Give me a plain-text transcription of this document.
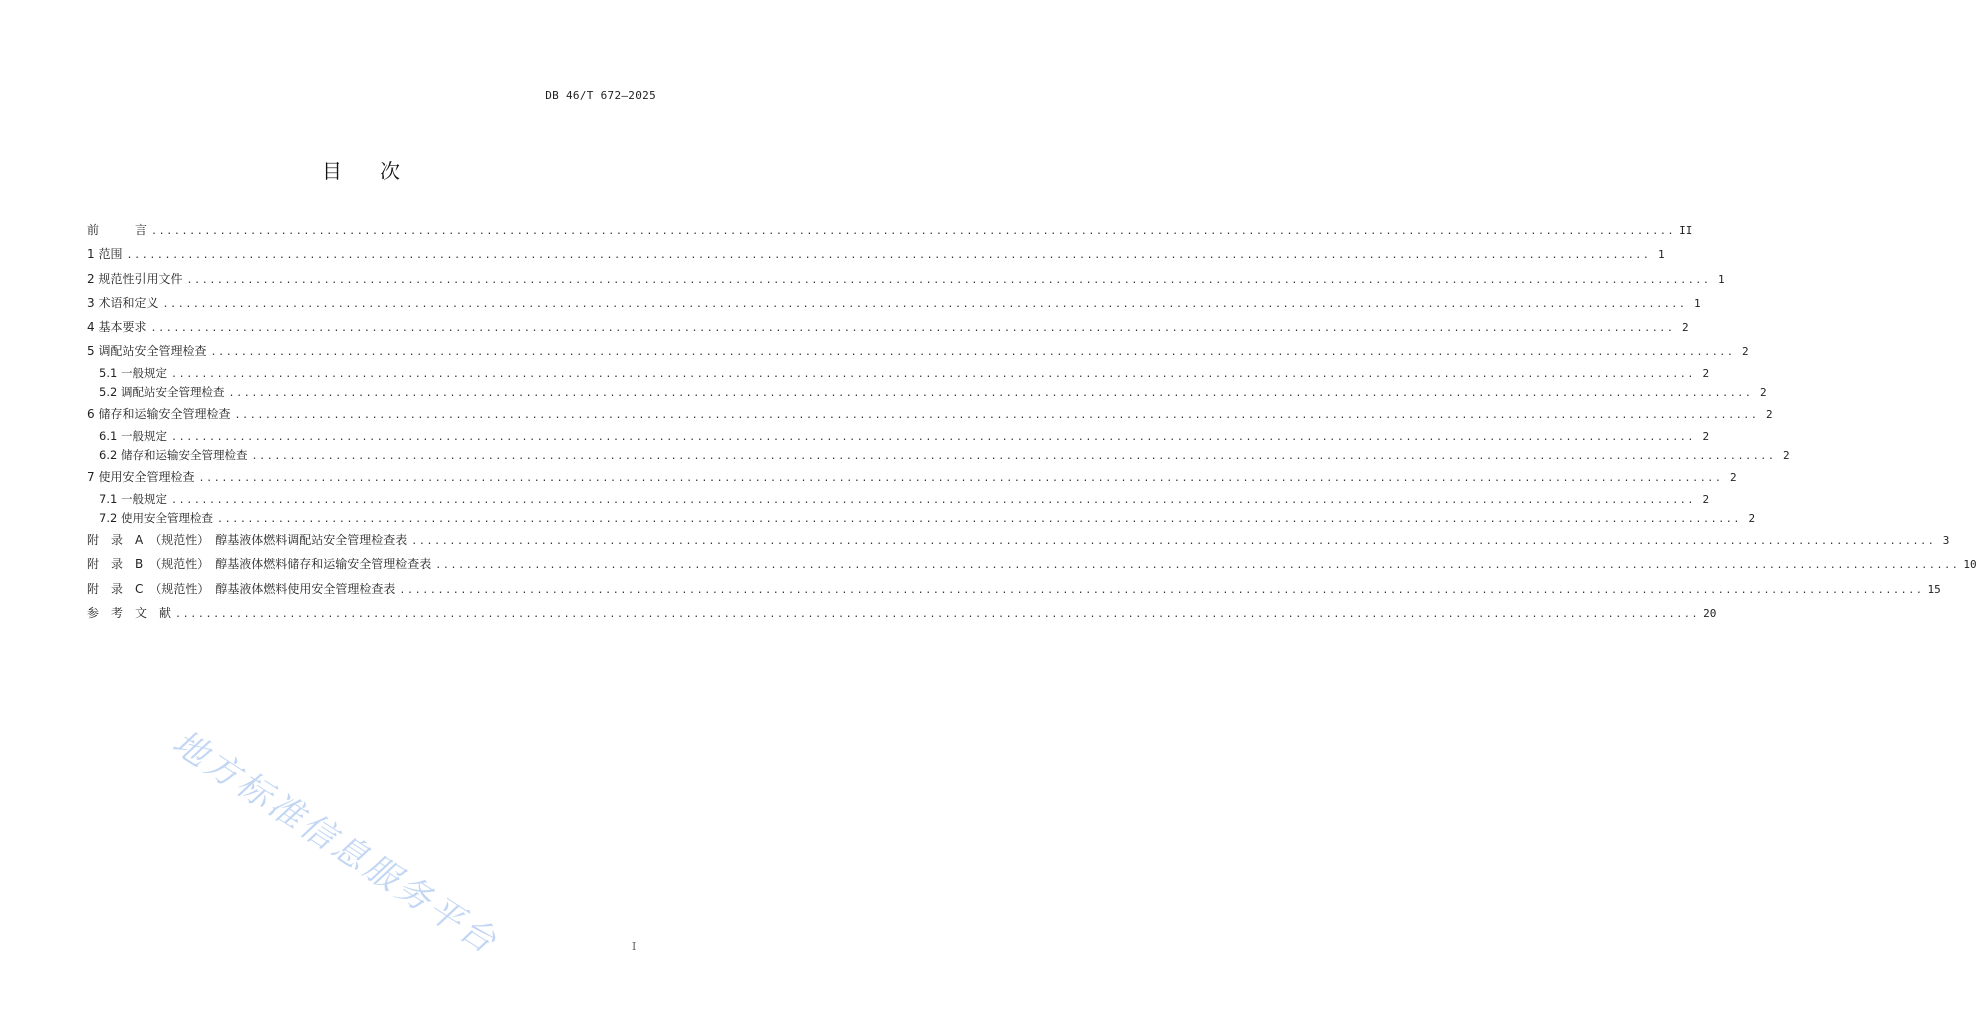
DB 46/T 672—2025
目 次
前　　　言 ........................................................................................................................................................................................................ II
1 范围 ........................................................................................................................................................................................................ 1
2 规范性引用文件 ........................................................................................................................................................................................................ 1
3 术语和定义 ........................................................................................................................................................................................................ 1
4 基本要求 ........................................................................................................................................................................................................ 2
5 调配站安全管理检查 ........................................................................................................................................................................................................ 2
5.1 一般规定 ........................................................................................................................................................................................................ 2
5.2 调配站安全管理检查 ........................................................................................................................................................................................................ 2
6 储存和运输安全管理检查 ........................................................................................................................................................................................................ 2
6.1 一般规定 ........................................................................................................................................................................................................ 2
6.2 储存和运输安全管理检查 ........................................................................................................................................................................................................ 2
7 使用安全管理检查 ........................................................................................................................................................................................................ 2
7.1 一般规定 ........................................................................................................................................................................................................ 2
7.2 使用安全管理检查 ........................................................................................................................................................................................................ 2
附　录　A　（规范性）　醇基液体燃料调配站安全管理检查表 ........................................................................................................................................................................................................ 3
附　录　B　（规范性）　醇基液体燃料储存和运输安全管理检查表 ........................................................................................................................................................................................................ 10
附　录　C　（规范性）　醇基液体燃料使用安全管理检查表 ........................................................................................................................................................................................................ 15
参　考　文　献 ........................................................................................................................................................................................................ 20
地方标准信息服务平台	I
